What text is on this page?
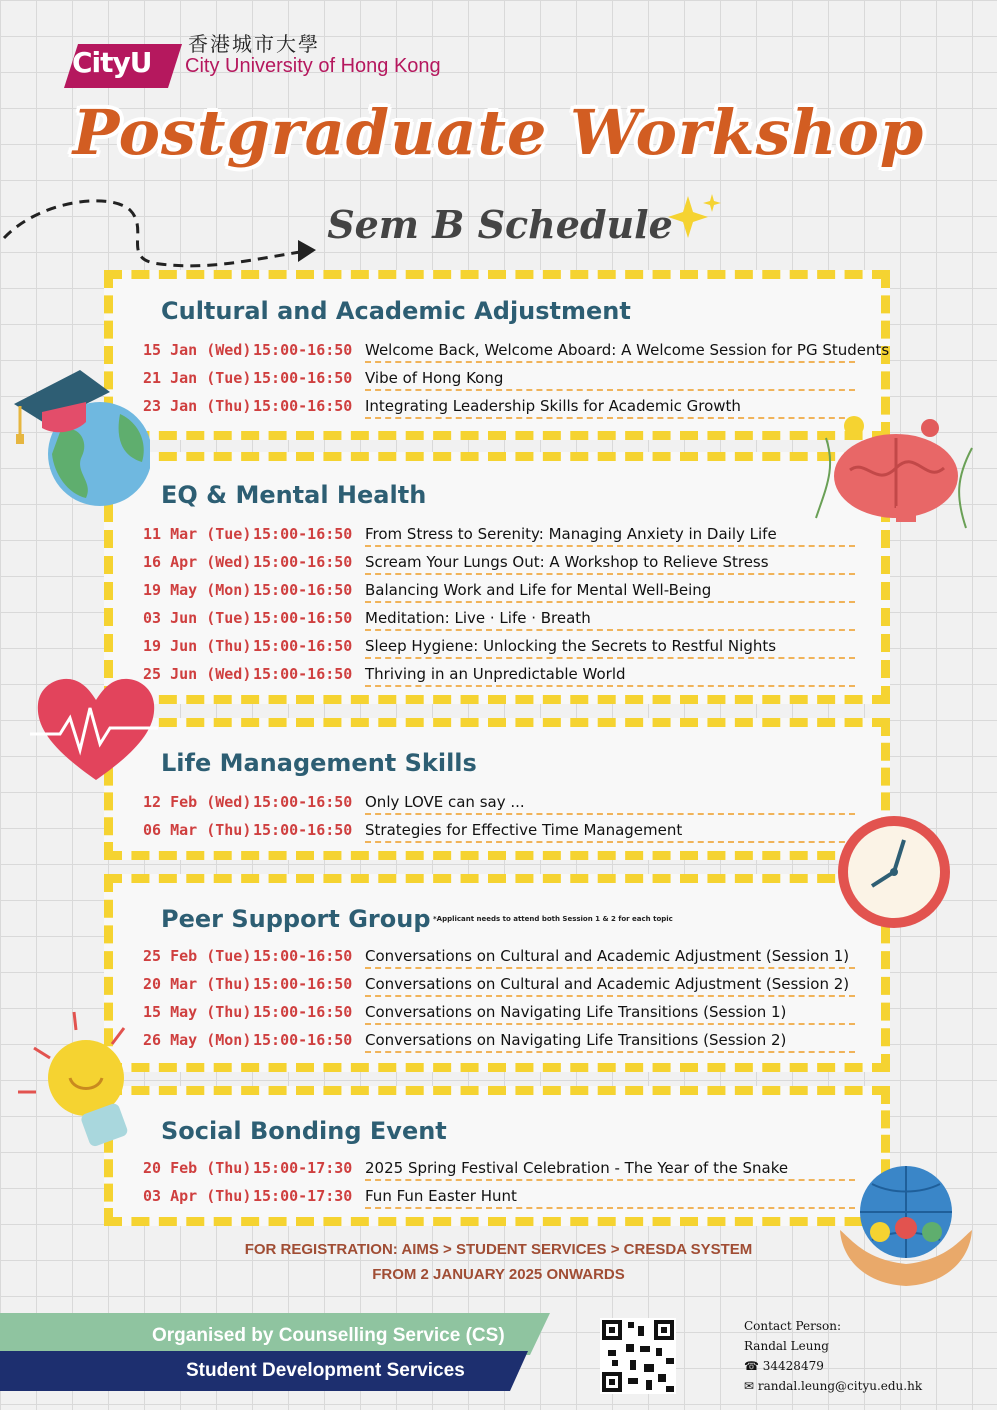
CityU
香港城市大學
City University of Hong Kong
Postgraduate Workshop
Sem B Schedule
Cultural and Academic Adjustment
15 Jan (Wed) 15:00-16:50 Welcome Back, Welcome Aboard: A Welcome Session for PG Students
21 Jan (Tue) 15:00-16:50 Vibe of Hong Kong
23 Jan (Thu) 15:00-16:50 Integrating Leadership Skills for Academic Growth
EQ & Mental Health
11 Mar (Tue) 15:00-16:50 From Stress to Serenity: Managing Anxiety in Daily Life
16 Apr (Wed) 15:00-16:50 Scream Your Lungs Out: A Workshop to Relieve Stress
19 May (Mon) 15:00-16:50 Balancing Work and Life for Mental Well-Being
03 Jun (Tue) 15:00-16:50 Meditation: Live · Life · Breath
19 Jun (Thu) 15:00-16:50 Sleep Hygiene: Unlocking the Secrets to Restful Nights
25 Jun (Wed) 15:00-16:50 Thriving in an Unpredictable World
Life Management Skills
12 Feb (Wed) 15:00-16:50 Only LOVE can say ...
06 Mar (Thu) 15:00-16:50 Strategies for Effective Time Management
Peer Support Group *Applicant needs to attend both Session 1 & 2 for each topic
25 Feb (Tue) 15:00-16:50 Conversations on Cultural and Academic Adjustment (Session 1)
20 Mar (Thu) 15:00-16:50 Conversations on Cultural and Academic Adjustment (Session 2)
15 May (Thu) 15:00-16:50 Conversations on Navigating Life Transitions (Session 1)
26 May (Mon) 15:00-16:50 Conversations on Navigating Life Transitions (Session 2)
Social Bonding Event
20 Feb (Thu) 15:00-17:30 2025 Spring Festival Celebration - The Year of the Snake
03 Apr (Thu) 15:00-17:30 Fun Fun Easter Hunt
FOR REGISTRATION: AIMS > STUDENT SERVICES > CRESDA SYSTEM
FROM 2 JANUARY 2025 ONWARDS
Organised by Counselling Service (CS)
Student Development Services
Contact Person:
Randal Leung
☎ 34428479
✉ randal.leung@cityu.edu.hk
